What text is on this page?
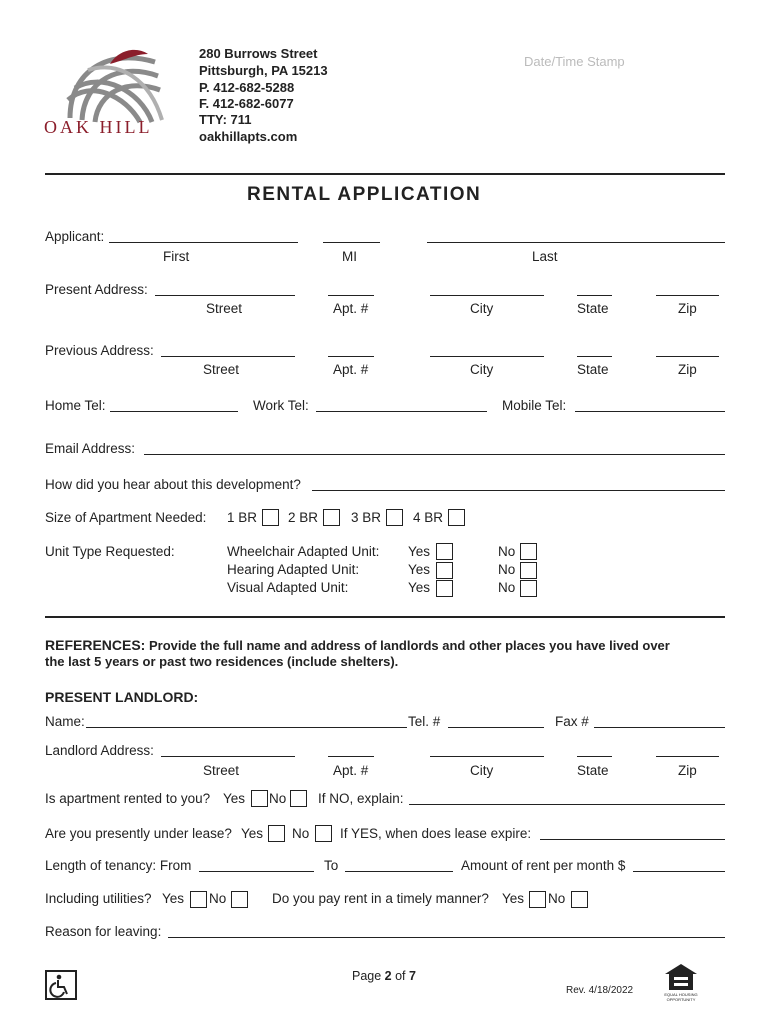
OAK HILL
280 Burrows Street
Pittsburgh, PA 15213
P. 412-682-5288
F. 412-682-6077
TTY: 711
oakhillapts.com
Date/Time Stamp
RENTAL APPLICATION
Applicant:
First	MI	Last
Present Address:
Street	Apt. #	City	State	Zip
Previous Address:
Street	Apt. #	City	State	Zip
Home Tel:	Work Tel:	Mobile Tel:
Email Address:
How did you hear about this development?
Size of Apartment Needed: 1 BR 2 BR 3 BR 4 BR
Unit Type Requested:	Wheelchair Adapted Unit: Yes	No
Hearing Adapted Unit:	Yes	No
Visual Adapted Unit:	Yes	No
REFERENCES: Provide the full name and address of landlords and other places you have lived over
the last 5 years or past two residences (include shelters).
PRESENT LANDLORD:
Name:	Tel. #	Fax #
Landlord Address:
Street	Apt. #	City	State	Zip
Is apartment rented to you? Yes No If NO, explain:
Are you presently under lease? Yes No If YES, when does lease expire:
Length of tenancy: From	To	Amount of rent per month $
Including utilities? Yes No	Do you pay rent in a timely manner? Yes No
Reason for leaving:
Page 2 of 7
Rev. 4/18/2022	EQUAL HOUSING OPPORTUNITY
